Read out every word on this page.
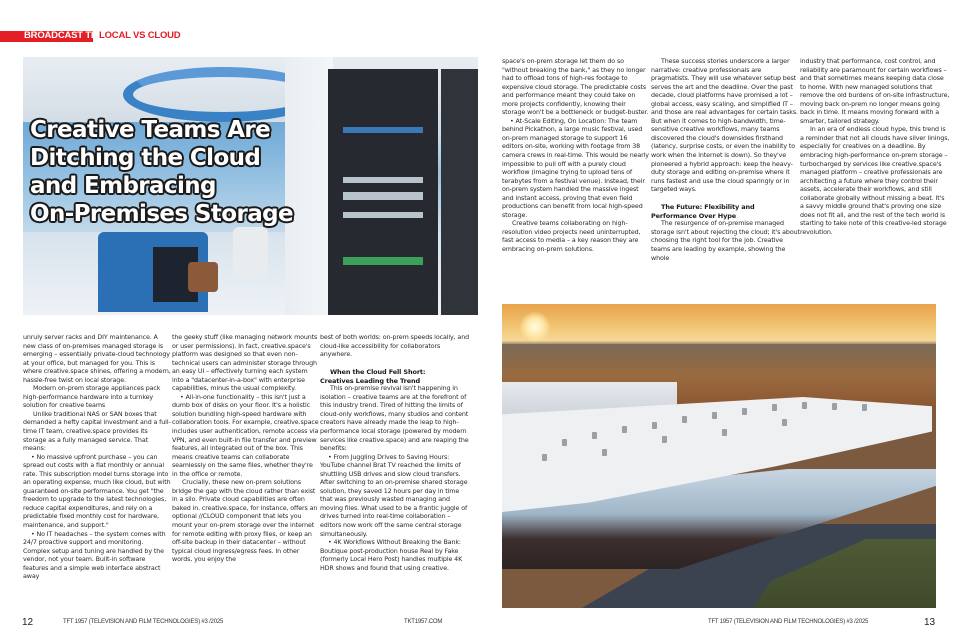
BROADCAST TECH
LOCAL VS CLOUD
Creative Teams Are
Ditching the Cloud
and Embracing
On-Premises Storage

unruly server racks and DIY maintenance. A new class of on-premises managed storage is emerging – essentially private-cloud technology at your office, but managed for you. This is where creative.space shines, offering a modern, hassle-free twist on local storage.

Modern on-prem storage appliances pack high-performance hardware into a turnkey solution for creative teams

Unlike traditional NAS or SAN boxes that demanded a hefty capital investment and a full-time IT team, creative.space provides its storage as a fully managed service. That means:

• No massive upfront purchase – you can spread out costs with a flat monthly or annual rate. This subscription model turns storage into an operating expense, much like cloud, but with guaranteed on-site performance. You get "the freedom to upgrade to the latest technologies, reduce capital expenditures, and rely on a predictable fixed monthly cost for hardware, maintenance, and support."

• No IT headaches – the system comes with 24/7 proactive support and monitoring. Complex setup and tuning are handled by the vendor, not your team. Built-in software features and a simple web interface abstract away

the geeky stuff (like managing network mounts or user permissions). In fact, creative.space's platform was designed so that even non-technical users can administer storage through an easy UI – effectively turning each system into a "datacenter-in-a-box" with enterprise capabilities, minus the usual complexity.

• All-in-one functionality – this isn't just a dumb box of disks on your floor. It's a holistic solution bundling high-speed hardware with collaboration tools. For example, creative.space includes user authentication, remote access via VPN, and even built-in file transfer and preview features, all integrated out of the box. This means creative teams can collaborate seamlessly on the same files, whether they're in the office or remote.

Crucially, these new on-prem solutions bridge the gap with the cloud rather than exist in a silo. Private cloud capabilities are often baked in. creative.space, for instance, offers an optional //CLOUD component that lets you mount your on-prem storage over the internet for remote editing with proxy files, or keep an off-site backup in their datacenter – without typical cloud ingress/egress fees. In other words, you enjoy the

best of both worlds: on-prem speeds locally, and cloud-like accessibility for collaborators anywhere.

When the Cloud Fell Short:
Creatives Leading the Trend

This on-premise revival isn't happening in isolation – creative teams are at the forefront of this industry trend. Tired of hitting the limits of cloud-only workflows, many studios and content creators have already made the leap to high-performance local storage (powered by modern services like creative.space) and are reaping the benefits:

• From Juggling Drives to Saving Hours: YouTube channel Brat TV reached the limits of shuttling USB drives and slow cloud transfers. After switching to an on-premise shared storage solution, they saved 12 hours per day in time that was previously wasted managing and moving files. What used to be a frantic juggle of drives turned into real-time collaboration – editors now work off the same central storage simultaneously.

• 4K Workflows Without Breaking the Bank: Boutique post-production house Real by Fake (formerly Local Hero Post) handles multiple 4K HDR shows and found that using creative.

space's on-prem storage let them do so "without breaking the bank," as they no longer had to offload tons of high-res footage to expensive cloud storage. The predictable costs and performance meant they could take on more projects confidently, knowing their storage won't be a bottleneck or budget-buster.

• At-Scale Editing, On Location: The team behind Pickathon, a large music festival, used on-prem managed storage to support 16 editors on-site, working with footage from 38 camera crews in real-time. This would be nearly impossible to pull off with a purely cloud workflow (imagine trying to upload tens of terabytes from a festival venue). Instead, their on-prem system handled the massive ingest and instant access, proving that even field productions can benefit from local high-speed storage.

Creative teams collaborating on high-resolution video projects need uninterrupted, fast access to media – a key reason they are embracing on-prem solutions.

These success stories underscore a larger narrative: creative professionals are pragmatists. They will use whatever setup best serves the art and the deadline. Over the past decade, cloud platforms have promised a lot – global access, easy scaling, and simplified IT – and those are real advantages for certain tasks. But when it comes to high-bandwidth, time-sensitive creative workflows, many teams discovered the cloud's downsides firsthand (latency, surprise costs, or even the inability to work when the internet is down). So they've pioneered a hybrid approach: keep the heavy-duty storage and editing on-premise where it runs fastest and use the cloud sparingly or in targeted ways.

The Future: Flexibility and
Performance Over Hype

The resurgence of on-premise managed storage isn't about rejecting the cloud; it's about choosing the right tool for the job. Creative teams are leading by example, showing the whole

industry that performance, cost control, and reliability are paramount for certain workflows – and that sometimes means keeping data close to home. With new managed solutions that remove the old burdens of on-site infrastructure, moving back on-prem no longer means going back in time. It means moving forward with a smarter, tailored strategy.

In an era of endless cloud hype, this trend is a reminder that not all clouds have silver linings, especially for creatives on a deadline. By embracing high-performance on-prem storage – turbocharged by services like creative.space's managed platform – creative professionals are architecting a future where they control their assets, accelerate their workflows, and still collaborate globally without missing a beat. It's a savvy middle ground that's proving one size does not fit all, and the rest of the tech world is starting to take note of this creative-led storage revolution.

12	TFT 1957 (TELEVISION AND FILM TECHNOLOGIES) #3 /2025	TKT1957.COM	TFT 1957 (TELEVISION AND FILM TECHNOLOGIES) #3 /2025	13
